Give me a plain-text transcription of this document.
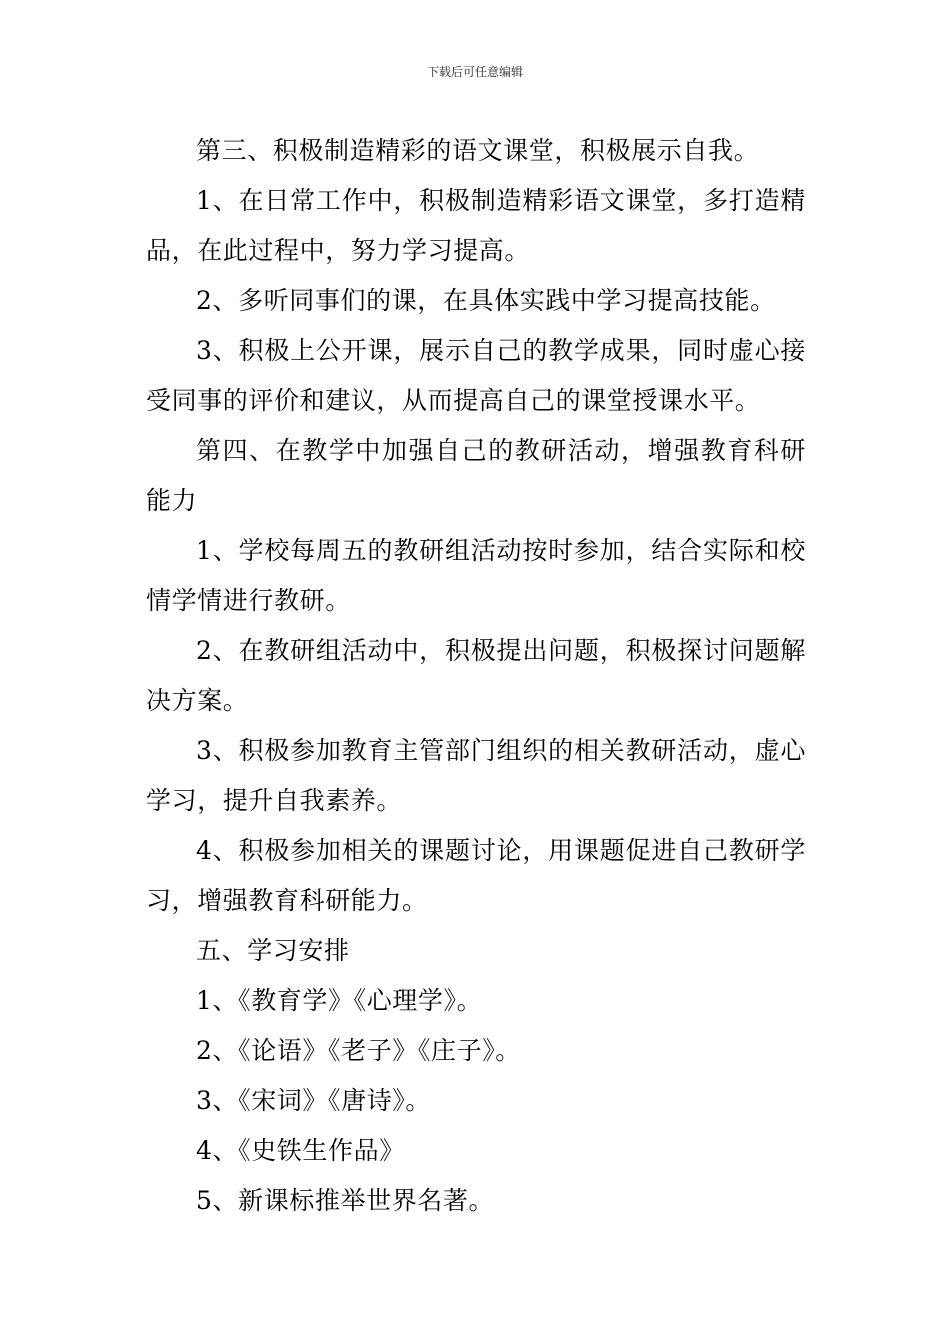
下载后可任意编辑

第三、积极制造精彩的语文课堂，积极展示自我。

1、在日常工作中，积极制造精彩语文课堂，多打造精品，在此过程中，努力学习提高。

2、多听同事们的课，在具体实践中学习提高技能。

3、积极上公开课，展示自己的教学成果，同时虚心接受同事的评价和建议，从而提高自己的课堂授课水平。

第四、在教学中加强自己的教研活动，增强教育科研能力

1、学校每周五的教研组活动按时参加，结合实际和校情学情进行教研。

2、在教研组活动中，积极提出问题，积极探讨问题解决方案。

3、积极参加教育主管部门组织的相关教研活动，虚心学习，提升自我素养。

4、积极参加相关的课题讨论，用课题促进自己教研学习，增强教育科研能力。

五、学习安排

1、《教育学》《心理学》。

2、《论语》《老子》《庄子》。

3、《宋词》《唐诗》。

4、《史铁生作品》

5、新课标推举世界名著。
